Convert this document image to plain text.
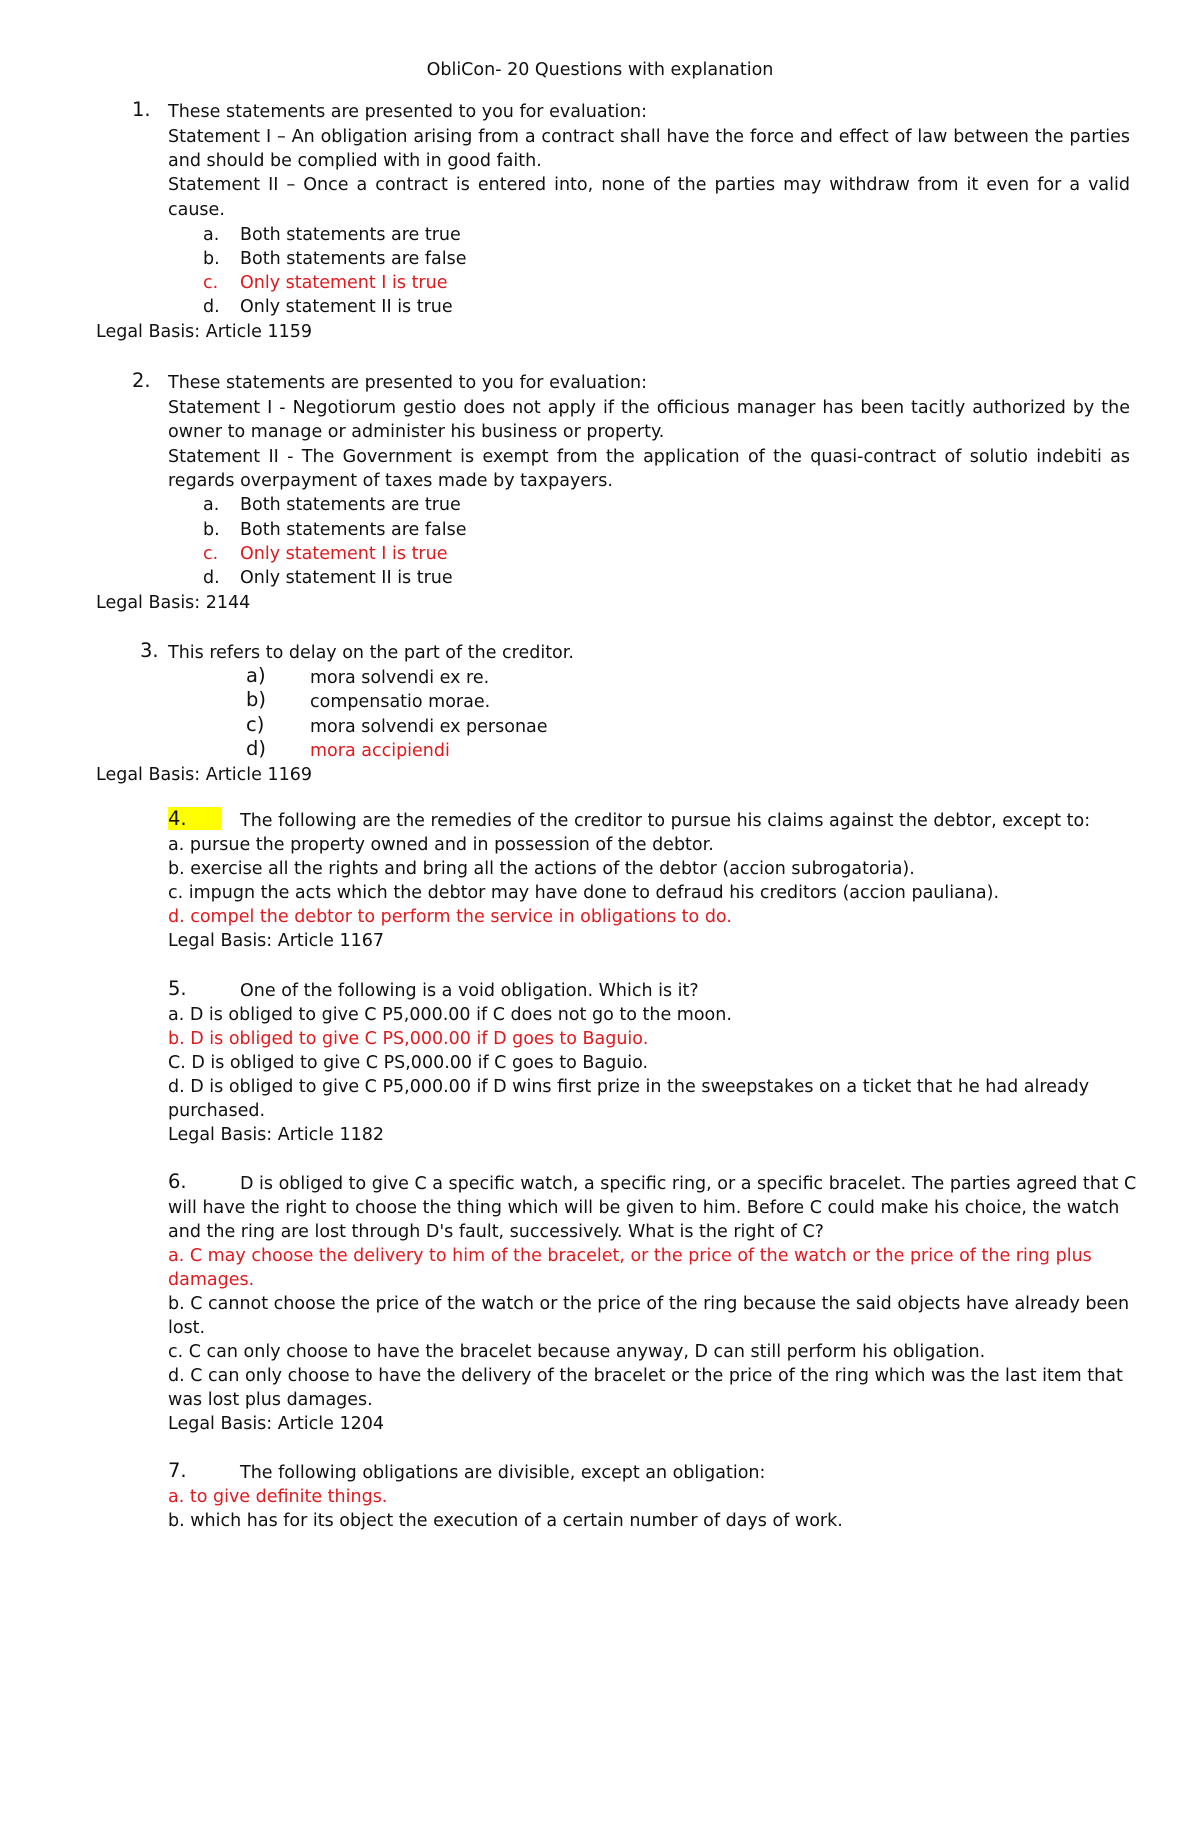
ObliCon- 20 Questions with explanation
1. These statements are presented to you for evaluation:
Statement I – An obligation arising from a contract shall have the force and effect of law between the parties
and should be complied with in good faith.
Statement II – Once a contract is entered into, none of the parties may withdraw from it even for a valid
cause.
a. Both statements are true
b. Both statements are false
c. Only statement I is true
d. Only statement II is true
Legal Basis: Article 1159
2. These statements are presented to you for evaluation:
Statement I - Negotiorum gestio does not apply if the officious manager has been tacitly authorized by the
owner to manage or administer his business or property.
Statement II - The Government is exempt from the application of the quasi-contract of solutio indebiti as
regards overpayment of taxes made by taxpayers.
a. Both statements are true
b. Both statements are false
c. Only statement I is true
d. Only statement II is true
Legal Basis: 2144
3. This refers to delay on the part of the creditor.
a)	mora solvendi ex re.
b)	compensatio morae.
c)	mora solvendi ex personae
d)	mora accipiendi
Legal Basis: Article 1169
4.	The following are the remedies of the creditor to pursue his claims against the debtor, except to:
a. pursue the property owned and in possession of the debtor.
b. exercise all the rights and bring all the actions of the debtor (accion subrogatoria).
c. impugn the acts which the debtor may have done to defraud his creditors (accion pauliana).
d. compel the debtor to perform the service in obligations to do.
Legal Basis: Article 1167
5.	One of the following is a void obligation. Which is it?
a. D is obliged to give C P5,000.00 if C does not go to the moon.
b. D is obliged to give C PS,000.00 if D goes to Baguio.
C. D is obliged to give C PS,000.00 if C goes to Baguio.
d. D is obliged to give C P5,000.00 if D wins first prize in the sweepstakes on a ticket that he had already
purchased.
Legal Basis: Article 1182
6.	D is obliged to give C a specific watch, a specific ring, or a specific bracelet. The parties agreed that C
will have the right to choose the thing which will be given to him. Before C could make his choice, the watch
and the ring are lost through D's fault, successively. What is the right of C?
a. C may choose the delivery to him of the bracelet, or the price of the watch or the price of the ring plus
damages.
b. C cannot choose the price of the watch or the price of the ring because the said objects have already been
lost.
c. C can only choose to have the bracelet because anyway, D can still perform his obligation.
d. C can only choose to have the delivery of the bracelet or the price of the ring which was the last item that
was lost plus damages.
Legal Basis: Article 1204
7.	The following obligations are divisible, except an obligation:
a. to give definite things.
b. which has for its object the execution of a certain number of days of work.
